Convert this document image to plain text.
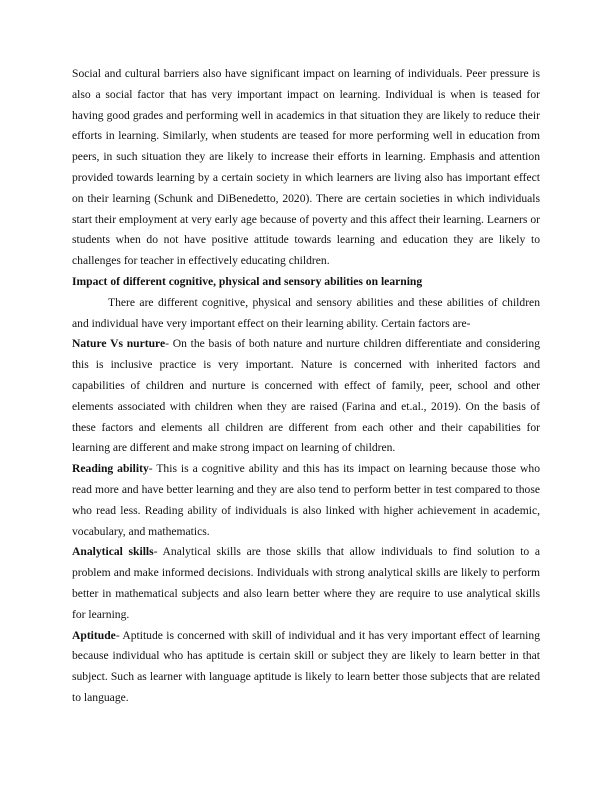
Social and cultural barriers also have significant impact on learning of individuals. Peer pressure is also a social factor that has very important impact on learning. Individual is when is teased for having good grades and performing well in academics in that situation they are likely to reduce their efforts in learning. Similarly, when students are teased for more performing well in education from peers, in such situation they are likely to increase their efforts in learning. Emphasis and attention provided towards learning by a certain society in which learners are living also has important effect on their learning (Schunk and DiBenedetto, 2020). There are certain societies in which individuals start their employment at very early age because of poverty and this affect their learning. Learners or students when do not have positive attitude towards learning and education they are likely to challenges for teacher in effectively educating children.

Impact of different cognitive, physical and sensory abilities on learning

There are different cognitive, physical and sensory abilities and these abilities of children and individual have very important effect on their learning ability. Certain factors are-

Nature Vs nurture- On the basis of both nature and nurture children differentiate and considering this is inclusive practice is very important. Nature is concerned with inherited factors and capabilities of children and nurture is concerned with effect of family, peer, school and other elements associated with children when they are raised (Farina and et.al., 2019). On the basis of these factors and elements all children are different from each other and their capabilities for learning are different and make strong impact on learning of children.

Reading ability- This is a cognitive ability and this has its impact on learning because those who read more and have better learning and they are also tend to perform better in test compared to those who read less. Reading ability of individuals is also linked with higher achievement in academic, vocabulary, and mathematics.

Analytical skills- Analytical skills are those skills that allow individuals to find solution to a problem and make informed decisions. Individuals with strong analytical skills are likely to perform better in mathematical subjects and also learn better where they are require to use analytical skills for learning.

Aptitude- Aptitude is concerned with skill of individual and it has very important effect of learning because individual who has aptitude is certain skill or subject they are likely to learn better in that subject. Such as learner with language aptitude is likely to learn better those subjects that are related to language.
